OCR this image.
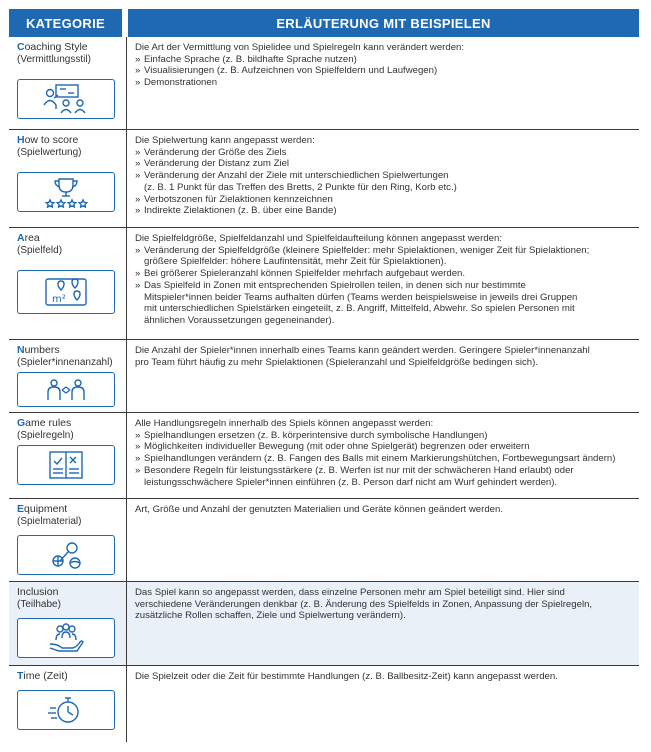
KATEGORIE	ERLÄUTERUNG MIT BEISPIELEN
Coaching Style
(Vermittlungsstil)
Die Art der Vermittlung von Spielidee und Spielregeln kann verändert werden:
» Einfache Sprache (z. B. bildhafte Sprache nutzen)
» Visualisierungen (z. B. Aufzeichnen von Spielfeldern und Laufwegen)
» Demonstrationen
How to score
(Spielwertung)
Die Spielwertung kann angepasst werden:
» Veränderung der Größe des Ziels
» Veränderung der Distanz zum Ziel
» Veränderung der Anzahl der Ziele mit unterschiedlichen Spielwertungen
(z. B. 1 Punkt für das Treffen des Bretts, 2 Punkte für den Ring, Korb etc.)
» Verbotszonen für Zielaktionen kennzeichnen
» Indirekte Zielaktionen (z. B. über eine Bande)
Area
(Spielfeld)
m²
Die Spielfeldgröße, Spielfeldanzahl und Spielfeldaufteilung können angepasst werden:
» Veränderung der Spielfeldgröße (kleinere Spielfelder: mehr Spielaktionen, weniger Zeit für Spielaktionen;
größere Spielfelder: höhere Laufintensität, mehr Zeit für Spielaktionen).
» Bei größerer Spieleranzahl können Spielfelder mehrfach aufgebaut werden.
» Das Spielfeld in Zonen mit entsprechenden Spielrollen teilen, in denen sich nur bestimmte
Mitspieler*innen beider Teams aufhalten dürfen (Teams werden beispielsweise in jeweils drei Gruppen
mit unterschiedlichen Spielstärken eingeteilt, z. B. Angriff, Mittelfeld, Abwehr. So spielen Personen mit
ähnlichen Voraussetzungen gegeneinander).
Numbers
(Spieler*innenanzahl)
Die Anzahl der Spieler*innen innerhalb eines Teams kann geändert werden. Geringere Spieler*innenanzahl
pro Team führt häufig zu mehr Spielaktionen (Spieleranzahl und Spielfeldgröße bedingen sich).
Game rules
(Spielregeln)
Alle Handlungsregeln innerhalb des Spiels können angepasst werden:
» Spielhandlungen ersetzen (z. B. körperintensive durch symbolische Handlungen)
» Möglichkeiten individueller Bewegung (mit oder ohne Spielgerät) begrenzen oder erweitern
» Spielhandlungen verändern (z. B. Fangen des Balls mit einem Markierungshütchen, Fortbewegungsart ändern)
» Besondere Regeln für leistungsstärkere (z. B. Werfen ist nur mit der schwächeren Hand erlaubt) oder
leistungsschwächere Spieler*innen einführen (z. B. Person darf nicht am Wurf gehindert werden).
Equipment
(Spielmaterial)
Art, Größe und Anzahl der genutzten Materialien und Geräte können geändert werden.
Inclusion
(Teilhabe)
Das Spiel kann so angepasst werden, dass einzelne Personen mehr am Spiel beteiligt sind. Hier sind
verschiedene Veränderungen denkbar (z. B. Änderung des Spielfelds in Zonen, Anpassung der Spielregeln,
zusätzliche Rollen schaffen, Ziele und Spielwertung verändern).
Time (Zeit)	Die Spielzeit oder die Zeit für bestimmte Handlungen (z. B. Ballbesitz-Zeit) kann angepasst werden.
